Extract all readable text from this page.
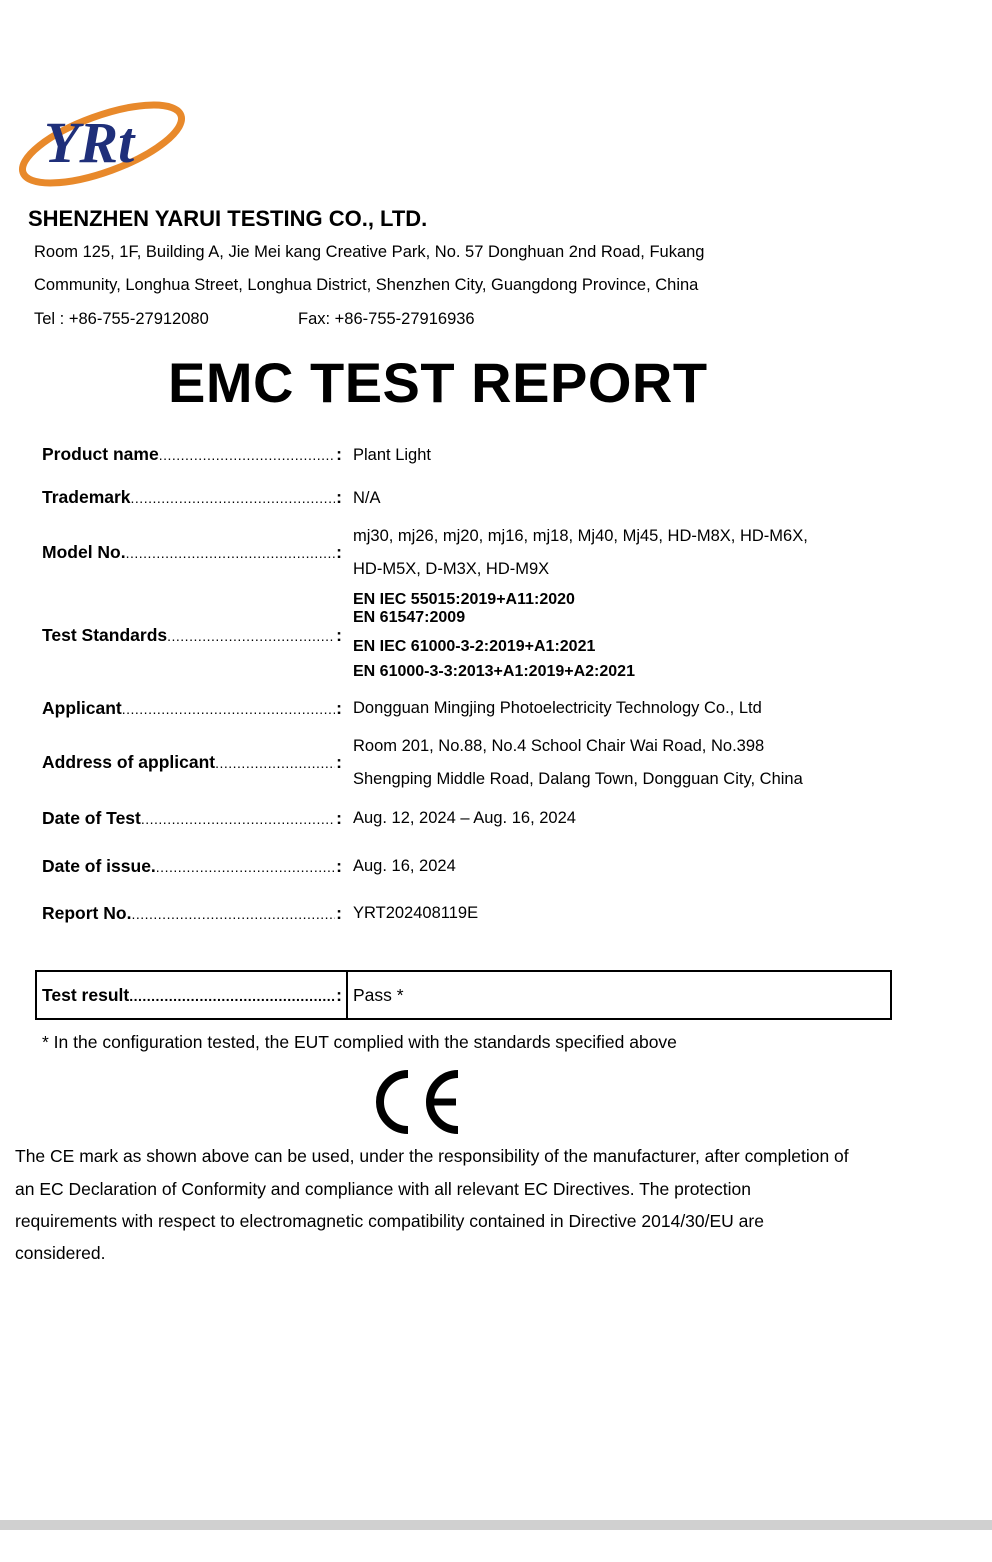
YRt
SHENZHEN YARUI TESTING CO., LTD.
Room 125, 1F, Building A, Jie Mei kang Creative Park, No. 57 Donghuan 2nd Road, Fukang
Community, Longhua Street, Longhua District, Shenzhen City, Guangdong Province, China
Tel : +86-755-27912080	Fax: +86-755-27916936
EMC TEST REPORT
Product name .....	: Plant Light
Trademark .....	: N/A
Model No. .....	:
mj30, mj26, mj20, mj16, mj18, Mj40, Mj45, HD-M8X, HD-M6X,
HD-M5X, D-M3X, HD-M9X
Test Standards .....	:
EN IEC 55015:2019+A11:2020
EN 61547:2009
EN IEC 61000-3-2:2019+A1:2021
EN 61000-3-3:2013+A1:2019+A2:2021
Applicant .....	: Dongguan Mingjing Photoelectricity Technology Co., Ltd
Address of applicant .....	:
Room 201, No.88, No.4 School Chair Wai Road, No.398
Shengping Middle Road, Dalang Town, Dongguan City, China
Date of Test .....	: Aug. 12, 2024 – Aug. 16, 2024
Date of issue. .....	: Aug. 16, 2024
Report No. .....	: YRT202408119E
Test result .....	: Pass *
* In the configuration tested, the EUT complied with the standards specified above
The CE mark as shown above can be used, under the responsibility of the manufacturer, after completion of
an EC Declaration of Conformity and compliance with all relevant EC Directives. The protection
requirements with respect to electromagnetic compatibility contained in Directive 2014/30/EU are
considered.
